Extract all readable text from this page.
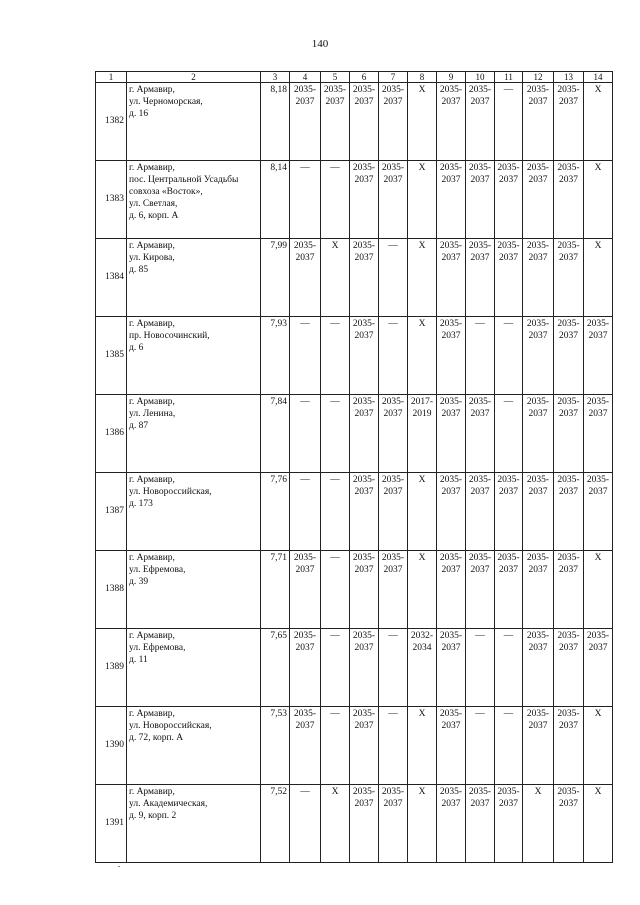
140
1	2	3	4	5	6	7	8	9	10	11	12	13	14
1382	г. Армавир,
ул. Черноморская,
д. 16	8,18	2035-
2037	2035-
2037	2035-
2037	2035-
2037	X	2035-
2037	2035-
2037	—	2035-
2037	2035-
2037	X
1383	г. Армавир,
пос. Центральной Усадьбы
совхоза «Восток»,
ул. Светлая,
д. 6, корп. А	8,14	—	—	2035-
2037	2035-
2037	X	2035-
2037	2035-
2037	2035-
2037	2035-
2037	2035-
2037	X
1384	г. Армавир,
ул. Кирова,
д. 85	7,99	2035-
2037	X	2035-
2037	—	X	2035-
2037	2035-
2037	2035-
2037	2035-
2037	2035-
2037	X
1385	г. Армавир,
пр. Новосочинский,
д. 6	7,93	—	—	2035-
2037	—	X	2035-
2037	—	—	2035-
2037	2035-
2037	2035-
2037

1386	г. Армавир,
ул. Ленина,
д. 87	7,84	—	—	2035-
2037	2035-
2037	2017-
2019	2035-
2037	2035-
2037	—	2035-
2037	2035-
2037	2035-
2037

1387	г. Армавир,
ул. Новороссийская,
д. 173	7,76	—	—	2035-
2037	2035-
2037	X	2035-
2037	2035-
2037	2035-
2037	2035-
2037	2035-
2037	2035-
2037

1388	г. Армавир,
ул. Ефремова,
д. 39	7,71	2035-
2037	—	2035-
2037	2035-
2037	X	2035-
2037	2035-
2037	2035-
2037	2035-
2037	2035-
2037	X
1389	г. Армавир,
ул. Ефремова,
д. 11	7,65	2035-
2037	—	2035-
2037	—	2032-
2034	2035-
2037	—	—	2035-
2037	2035-
2037	2035-
2037

1390	г. Армавир,
ул. Новороссийская,
д. 72, корп. А	7,53	2035-
2037	—	2035-
2037	—	X	2035-
2037	—	—	2035-
2037	2035-
2037	X
1391	г. Армавир,
ул. Академическая,
д. 9, корп. 2	7,52	—	X	2035-
2037	2035-
2037	X	2035-
2037	2035-
2037	2035-
2037	X	2035-
2037	X
